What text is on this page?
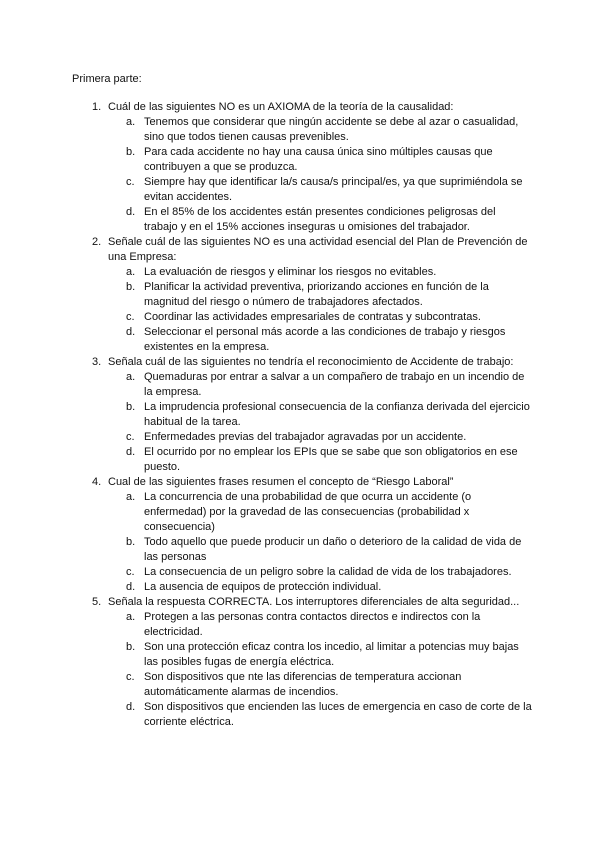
Primera parte:

1. Cuál de las siguientes NO es un AXIOMA de la teoría de la causalidad:
a. Tenemos que considerar que ningún accidente se debe al azar o casualidad, sino que todos tienen causas prevenibles.
b. Para cada accidente no hay una causa única sino múltiples causas que contribuyen a que se produzca.
c. Siempre hay que identificar la/s causa/s principal/es, ya que suprimiéndola se evitan accidentes.
d. En el 85% de los accidentes están presentes condiciones peligrosas del trabajo y en el 15% acciones inseguras u omisiones del trabajador.
2. Señale cuál de las siguientes NO es una actividad esencial del Plan de Prevención de una Empresa:
a. La evaluación de riesgos y eliminar los riesgos no evitables.
b. Planificar la actividad preventiva, priorizando acciones en función de la magnitud del riesgo o número de trabajadores afectados.
c. Coordinar las actividades empresariales de contratas y subcontratas.
d. Seleccionar el personal más acorde a las condiciones de trabajo y riesgos existentes en la empresa.
3. Señala cuál de las siguientes no tendría el reconocimiento de Accidente de trabajo:
a. Quemaduras por entrar a salvar a un compañero de trabajo en un incendio de la empresa.
b. La imprudencia profesional consecuencia de la confianza derivada del ejercicio habitual de la tarea.
c. Enfermedades previas del trabajador agravadas por un accidente.
d. El ocurrido por no emplear los EPIs que se sabe que son obligatorios en ese puesto.
4. Cual de las siguientes frases resumen el concepto de “Riesgo Laboral”
a. La concurrencia de una probabilidad de que ocurra un accidente (o enfermedad) por la gravedad de las consecuencias (probabilidad x consecuencia)
b. Todo aquello que puede producir un daño o deterioro de la calidad de vida de las personas
c. La consecuencia de un peligro sobre la calidad de vida de los trabajadores.
d. La ausencia de equipos de protección individual.
5. Señala la respuesta CORRECTA. Los interruptores diferenciales de alta seguridad...
a. Protegen a las personas contra contactos directos e indirectos con la electricidad.
b. Son una protección eficaz contra los incedio, al limitar a potencias muy bajas las posibles fugas de energía eléctrica.
c. Son dispositivos que nte las diferencias de temperatura accionan automáticamente alarmas de incendios.
d. Son dispositivos que encienden las luces de emergencia en caso de corte de la corriente eléctrica.
